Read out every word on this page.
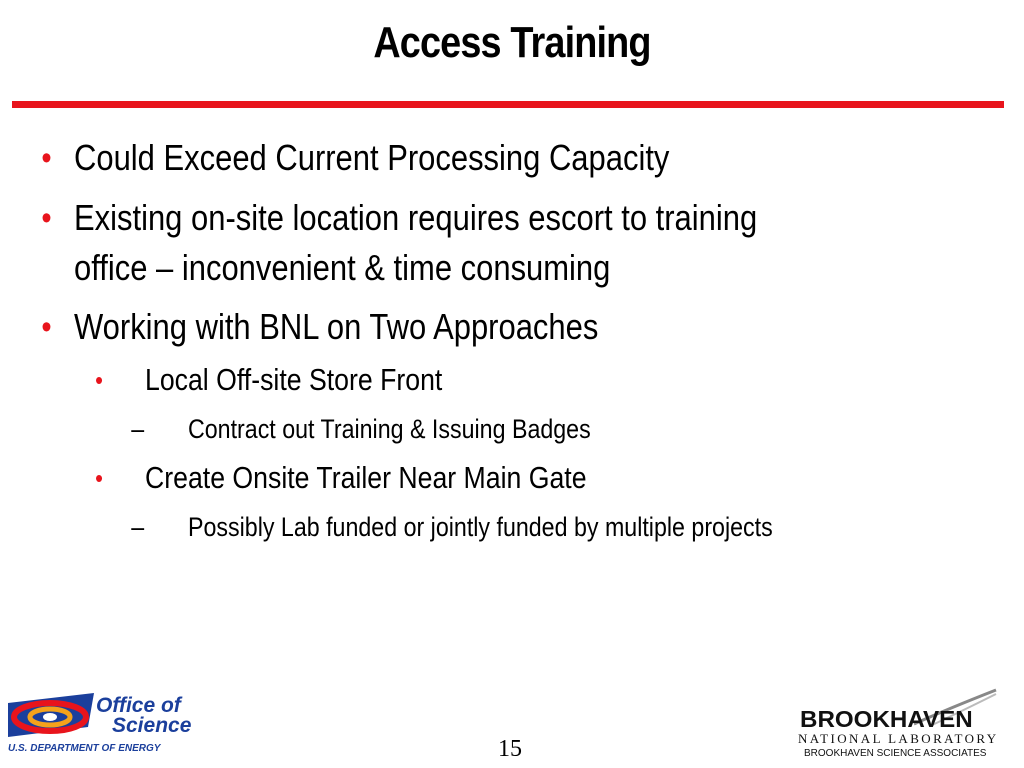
Access Training
• Could Exceed Current Processing Capacity
• Existing on-site location requires escort to training office – inconvenient & time consuming
• Working with BNL on Two Approaches
• Local Off-site Store Front
– Contract out Training & Issuing Badges
• Create Onsite Trailer Near Main Gate
– Possibly Lab funded or jointly funded by multiple projects
Office of
Science
U.S. DEPARTMENT OF ENERGY	15
BROOKHAVEN
NATIONAL LABORATORY
BROOKHAVEN SCIENCE ASSOCIATES
